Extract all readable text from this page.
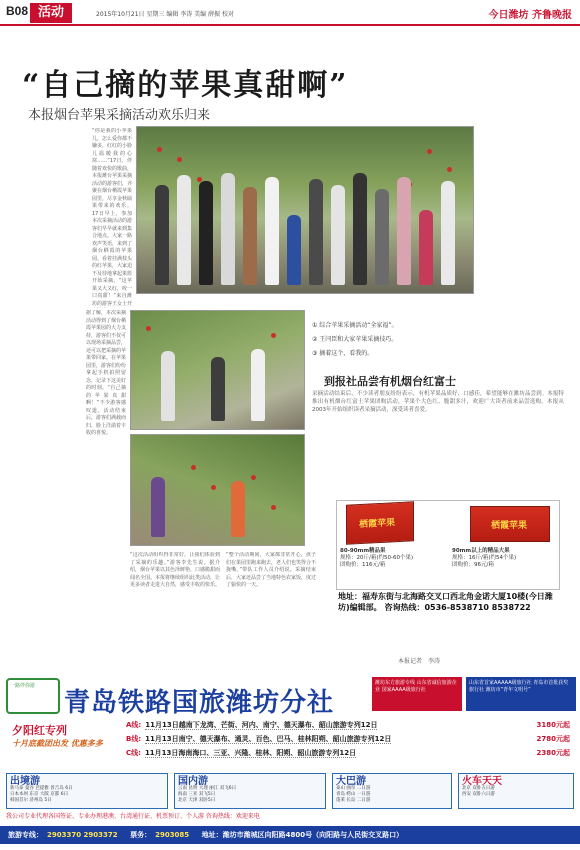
B08 活动	2015年10月21日 星期三 编辑 李涛 美编 薛振 校对	今日潍坊 齐鲁晚报
“自己摘的苹果真甜啊”
本报烟台苹果采摘活动欢乐归来
“你是我的小苹果儿，怎么爱你都不嫌多，红红的小脸儿温暖我的心窝……”17日，伴随着欢快的歌曲，本报潍台苹果采摘活动的游客们，齐聚在烟台栖霞苹果园里，尽享金秋硕果带来的欢乐。17日早上，参加本次采摘活动的游客们早早就来到集合地点。大家一路欢声笑语，来到了烟台栖霞的苹果园。看着挂满枝头的红苹果，大家迫不及待地拿起果篮开始采摘。“这苹果又大又红，咬一口真甜！”来自潍坊的游客王女士开
据了解，本次采摘活动得到了烟台栖霞苹果园的大力支持，游客们不仅可以现场采摘品尝，还可以把采摘的苹果带回家。在苹果园里，游客们纷纷拿起手机拍照留念，记录下这美好的时刻。“自己摘的苹果真甜啊！”不少游客感叹道。活动结束后，游客们满载而归，脸上洋溢着丰收的喜悦。
“这次活动组织得非常好，让我们体验到了采摘的乐趣。”游客李先生说。据介绍，烟台苹果以其色泽鲜艳、口感脆甜而闻名全国。本报将继续组织此类活动，让更多读者走进大自然，感受丰收的快乐。
“整个活动期间，大家都非常开心，孩子们在果园里跑来跑去，老人们也笑得合不拢嘴。”带队工作人员介绍说。采摘结束后，大家还品尝了当地特色农家饭，度过了愉快的一天。
① 综合苹果采摘活动“全家福”。
② 王闫臣和大家苹果采摘技巧。
③ 摘着这个，看我的。
到报社品尝有机烟台红富士
采摘活动结束后，不少读者朋友纷纷表示，有机苹果品质好、口感佳，希望能够在潍坊品尝到。本报特推出有机烟台红富士苹果团购活动，苹果个大色红、脆甜多汁，欢迎广大读者前来品尝选购。本报从2003年开始组织读者采摘活动，深受读者喜爱。
栖霞苹果	栖霞苹果
80-90mm精品果
规格：20斤/箱(约50-60个果)
团购价：116元/箱
90mm以上的精品大果
规格：16斤/箱(约54个果)
团购价：96元/箱
地址：福寿东街与北海路交叉口西北角金诺大厦10楼(今日潍坊)编辑部。 咨询热线：0536-8538710 8538722
本报记者　李涛
一路伴你游
青岛铁路国旅潍坊分社
潍坊东方旅游专线 山东省诚信旅游企业 国家AAAA级旅行社
山东省首家AAAAA级旅行社 青岛市首批获奖旅行社 潍坊市“青年文明号”
夕阳红专列
十月底截团出发 优惠多多
A线: 11月13日越南下龙湾、芒街、河内、南宁、德天瀑布、韶山旅游专列12日	3180元起
B线: 11月13日南宁、德天瀑布、通灵、百色、巴马、桂林阳朔、韶山旅游专列12日	2780元起
C线: 11月13日海南海口、三亚、兴隆、桂林、阳朔、韶山旅游专列12日	2380元起
新马泰 曼谷 芭提雅 普吉岛 6日
日本本州 东京 大阪 京都 6日
韩国首尔 济州岛 5日
出境游
云南 昆明 大理 丽江 双飞6日
海南 三亚 双飞5日
北京 天津 双卧5日
国内游
泰山 曲阜 二日游
青岛 崂山 一日游
蓬莱 长岛 二日游
大巴游
北京 双卧五日游
西安 双卧六日游
火车天天
我公司专业代理各国签证、专业办理港澳、台湾通行证、机票预订、个人游 咨询热线：欢迎来电
旅游专线： 2903370 2903372 票务： 2903085 地址：潍坊市潍城区向阳路4800号（向阳路与人民街交叉路口）
